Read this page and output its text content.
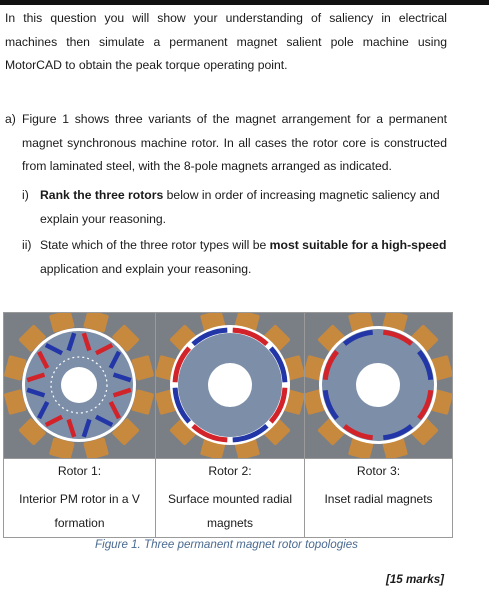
In this question you will show your understanding of saliency in electrical machines then simulate a permanent magnet salient pole machine using MotorCAD to obtain the peak torque operating point.

a) Figure 1 shows three variants of the magnet arrangement for a permanent magnet synchronous machine rotor. In all cases the rotor core is constructed from laminated steel, with the 8-pole magnets arranged as indicated.

i) Rank the three rotors below in order of increasing magnetic saliency and explain your reasoning.

ii) State which of the three rotor types will be most suitable for a high-speed application and explain your reasoning.

Rotor 1:	Rotor 2:	Rotor 3:
Interior PM rotor in a V formation
Surface mounted radial magnets
Inset radial magnets
Figure 1. Three permanent magnet rotor topologies
[15 marks]
